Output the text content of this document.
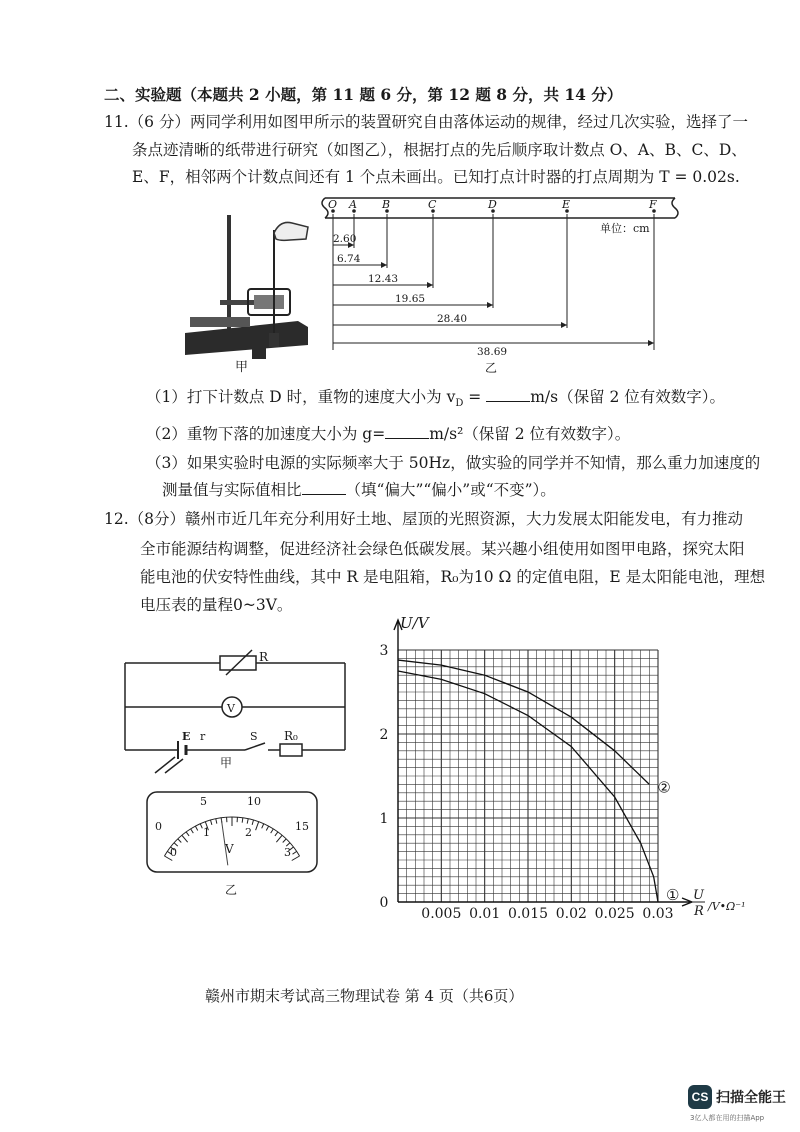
二、实验题（本题共 2 小题，第 11 题 6 分，第 12 题 8 分，共 14 分）
11.（6 分）两同学利用如图甲所示的装置研究自由落体运动的规律，经过几次实验，选择了一
条点迹清晰的纸带进行研究（如图乙），根据打点的先后顺序取计数点 O、A、B、C、D、
E、F，相邻两个计数点间还有 1 个点未画出。已知打点计时器的打点周期为 T = 0.02s.
甲
O A B	C	D	E	F
单位：cm
2.60
6.74
12.43
19.65
28.40
38.69
乙
（1）打下计数点 D 时，重物的速度大小为 $v_D$ =	m/s（保留 2 位有效数字）。
（2）重物下落的加速度大小为 g=	m/s²（保留 2 位有效数字）。
（3）如果实验时电源的实际频率大于 50Hz，做实验的同学并不知情，那么重力加速度的
测量值与实际值相比	（填“偏大”“偏小”或“不变”）。
12.（8分）赣州市近几年充分利用好土地、屋顶的光照资源，大力发展太阳能发电，有力推动
全市能源结构调整，促进经济社会绿色低碳发展。某兴趣小组使用如图甲电路，探究太阳
能电池的伏安特性曲线，其中 R 是电阻箱，R₀为10 Ω 的定值电阻，E 是太阳能电池，理想
电压表的量程0~3V。
R
V
E r	S R₀
甲
0
5	10
15
0
1	2
3
V
乙
0.005 0.01 0.015 0.02 0.025 0.03
0
1
2
3
①
②
U/V
U
R /V•Ω⁻¹
赣州市期末考试高三物理试卷 第 4 页（共6页）
CS 扫描全能王
3亿人都在用的扫描App
